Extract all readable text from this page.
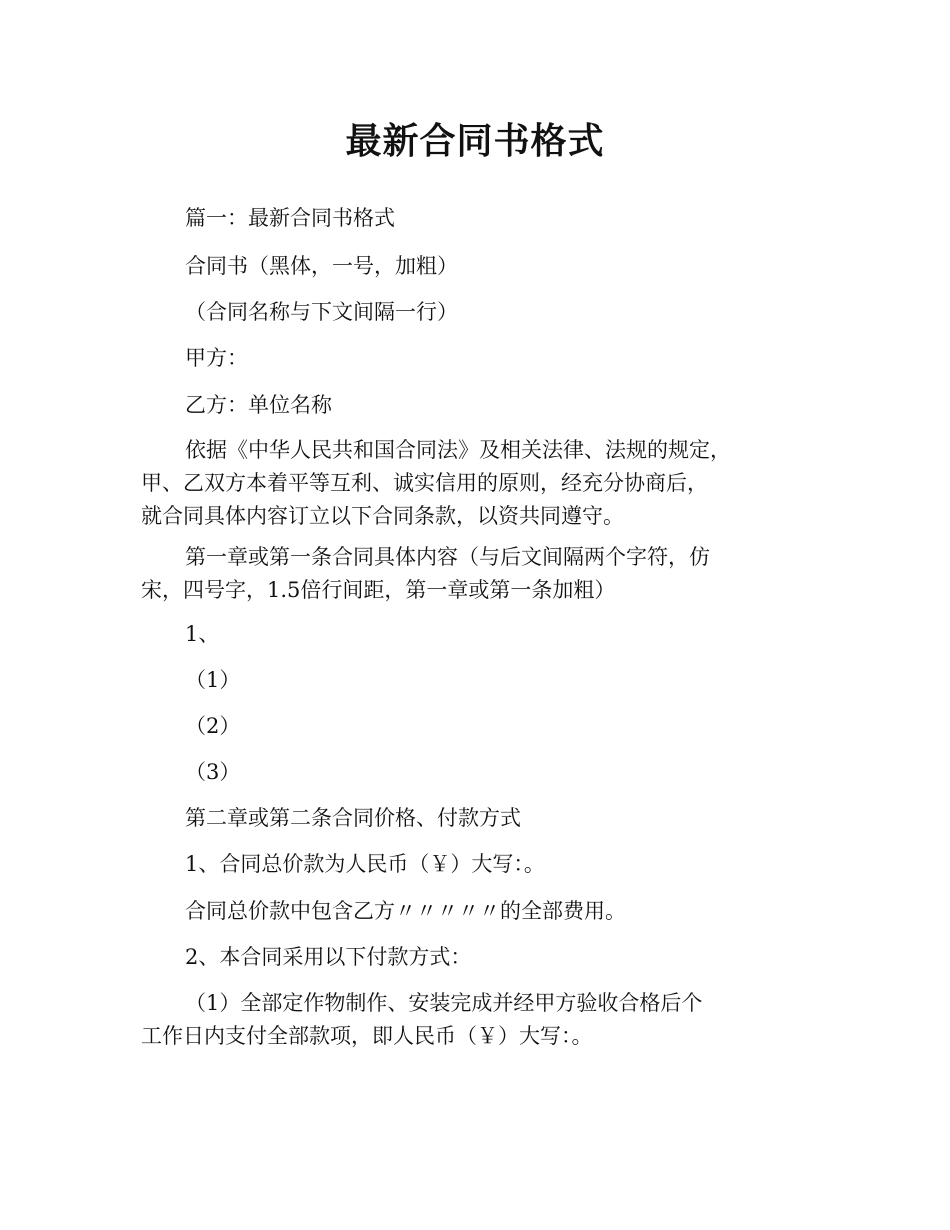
最新合同书格式
篇一：最新合同书格式
合同书（黑体，一号，加粗）
（合同名称与下文间隔一行）
甲方：
乙方：单位名称
依据《中华人民共和国合同法》及相关法律、法规的规定，
甲、乙双方本着平等互利、诚实信用的原则，经充分协商后，
就合同具体内容订立以下合同条款，以资共同遵守。
第一章或第一条合同具体内容（与后文间隔两个字符，仿
宋，四号字，1.5倍行间距，第一章或第一条加粗）
1、
（1）
（2）
（3）
第二章或第二条合同价格、付款方式
1、合同总价款为人民币（￥）大写：。
合同总价款中包含乙方〃〃〃〃〃的全部费用。
2、本合同采用以下付款方式：
（1）全部定作物制作、安装完成并经甲方验收合格后个
工作日内支付全部款项，即人民币（￥）大写：。
